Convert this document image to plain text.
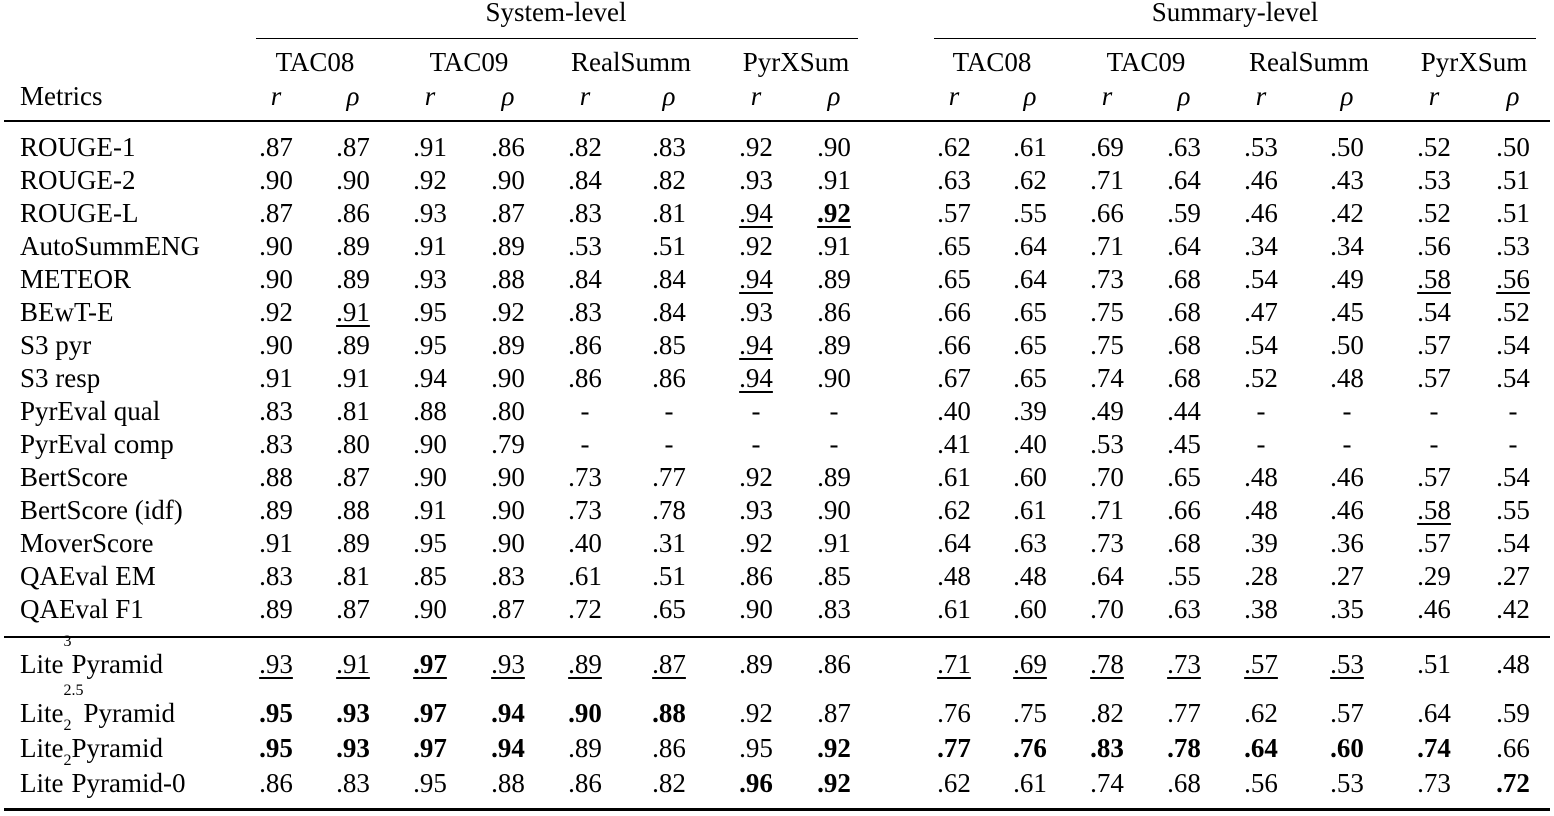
System-level	Summary-level
TAC08	TAC09 RealSumm PyrXSum	TAC08	TAC09 RealSumm PyrXSum
Metrics	r ρ r ρ r	ρ	r ρ	r ρ r ρ r	ρ	r ρ
ROUGE-1	.87 .87 .91 .86 .82 .83 .92 .90	.62 .61 .69 .63 .53 .50 .52 .50
ROUGE-2	.90 .90 .92 .90 .84 .82 .93 .91	.63 .62 .71 .64 .46 .43 .53 .51
ROUGE-L	.87 .86 .93 .87 .83 .81 .94 .92	.57 .55 .66 .59 .46 .42 .52 .51
AutoSummENG .90 .89 .91 .89 .53 .51 .92 .91	.65 .64 .71 .64 .34 .34 .56 .53
METEOR	.90 .89 .93 .88 .84 .84 .94 .89	.65 .64 .73 .68 .54 .49 .58 .56
BEwT-E	.92 .91 .95 .92 .83 .84 .93 .86	.66 .65 .75 .68 .47 .45 .54 .52
S3 pyr	.90 .89 .95 .89 .86 .85 .94 .89	.66 .65 .75 .68 .54 .50 .57 .54
S3 resp	.91 .91 .94 .90 .86 .86 .94 .90	.67 .65 .74 .68 .52 .48 .57 .54
PyrEval qual	.83 .81 .88 .80 -	-	-	-	.40 .39 .49 .44 -	-	-	-
PyrEval comp	.83 .80 .90 .79 -	-	-	-	.41 .40 .53 .45 -	-	-	-
BertScore	.88 .87 .90 .90 .73 .77 .92 .89	.61 .60 .70 .65 .48 .46 .57 .54
BertScore (idf)	.89 .88 .91 .90 .73 .78 .93 .90	.62 .61 .71 .66 .48 .46 .58 .55
MoverScore	.91 .89 .95 .90 .40 .31 .92 .91	.64 .63 .73 .68 .39 .36 .57 .54
QAEval EM	.83 .81 .85 .83 .61 .51 .86 .85	.48 .48 .64 .55 .28 .27 .29 .27
QAEval F1	.89 .87 .90 .87 .72 .65 .90 .83	.61 .60 .70 .63 .38 .35 .46 .42
Lite$^3$Pyramid	.93 .91 .97 .93 .89 .87 .89 .86	.71 .69 .78 .73 .57 .53 .51 .48
Lite$^{2.5}$Pyramid	.95 .93 .97 .94 .90 .88 .92 .87	.76 .75 .82 .77 .62 .57 .64 .59
Lite$^2$Pyramid	.95 .93 .97 .94 .89 .86 .95 .92	.77 .76 .83 .78 .64 .60 .74 .66
Lite$^2$Pyramid-0	.86 .83 .95 .88 .86 .82 .96 .92	.62 .61 .74 .68 .56 .53 .73 .72
